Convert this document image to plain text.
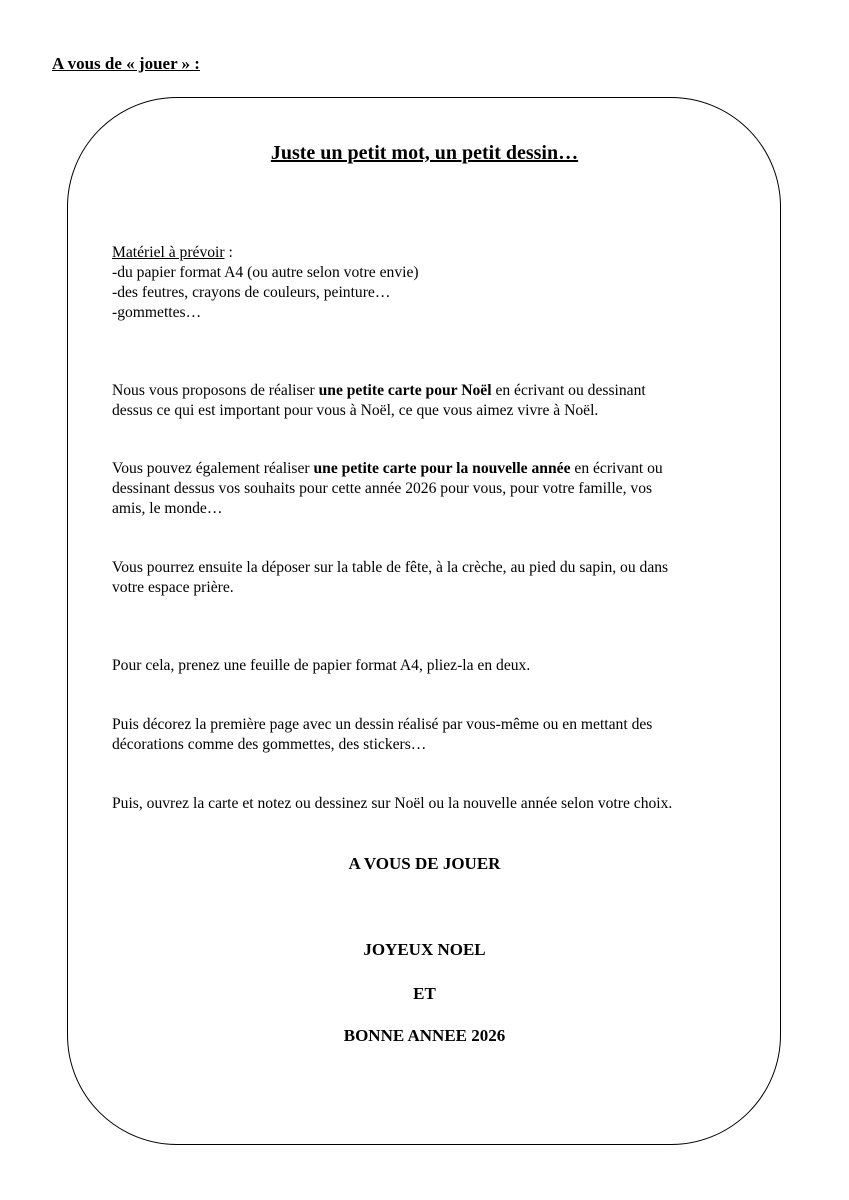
A vous de « jouer » :
Juste un petit mot, un petit dessin…
Matériel à prévoir :
-du papier format A4 (ou autre selon votre envie)
-des feutres, crayons de couleurs, peinture…
-gommettes…
Nous vous proposons de réaliser une petite carte pour Noël en écrivant ou dessinant
dessus ce qui est important pour vous à Noël, ce que vous aimez vivre à Noël.
Vous pouvez également réaliser une petite carte pour la nouvelle année en écrivant ou
dessinant dessus vos souhaits pour cette année 2026 pour vous, pour votre famille, vos
amis, le monde…
Vous pourrez ensuite la déposer sur la table de fête, à la crèche, au pied du sapin, ou dans
votre espace prière.
Pour cela, prenez une feuille de papier format A4, pliez-la en deux.
Puis décorez la première page avec un dessin réalisé par vous-même ou en mettant des
décorations comme des gommettes, des stickers…
Puis, ouvrez la carte et notez ou dessinez sur Noël ou la nouvelle année selon votre choix.

A VOUS DE JOUER

JOYEUX NOEL

ET

BONNE ANNEE 2026
